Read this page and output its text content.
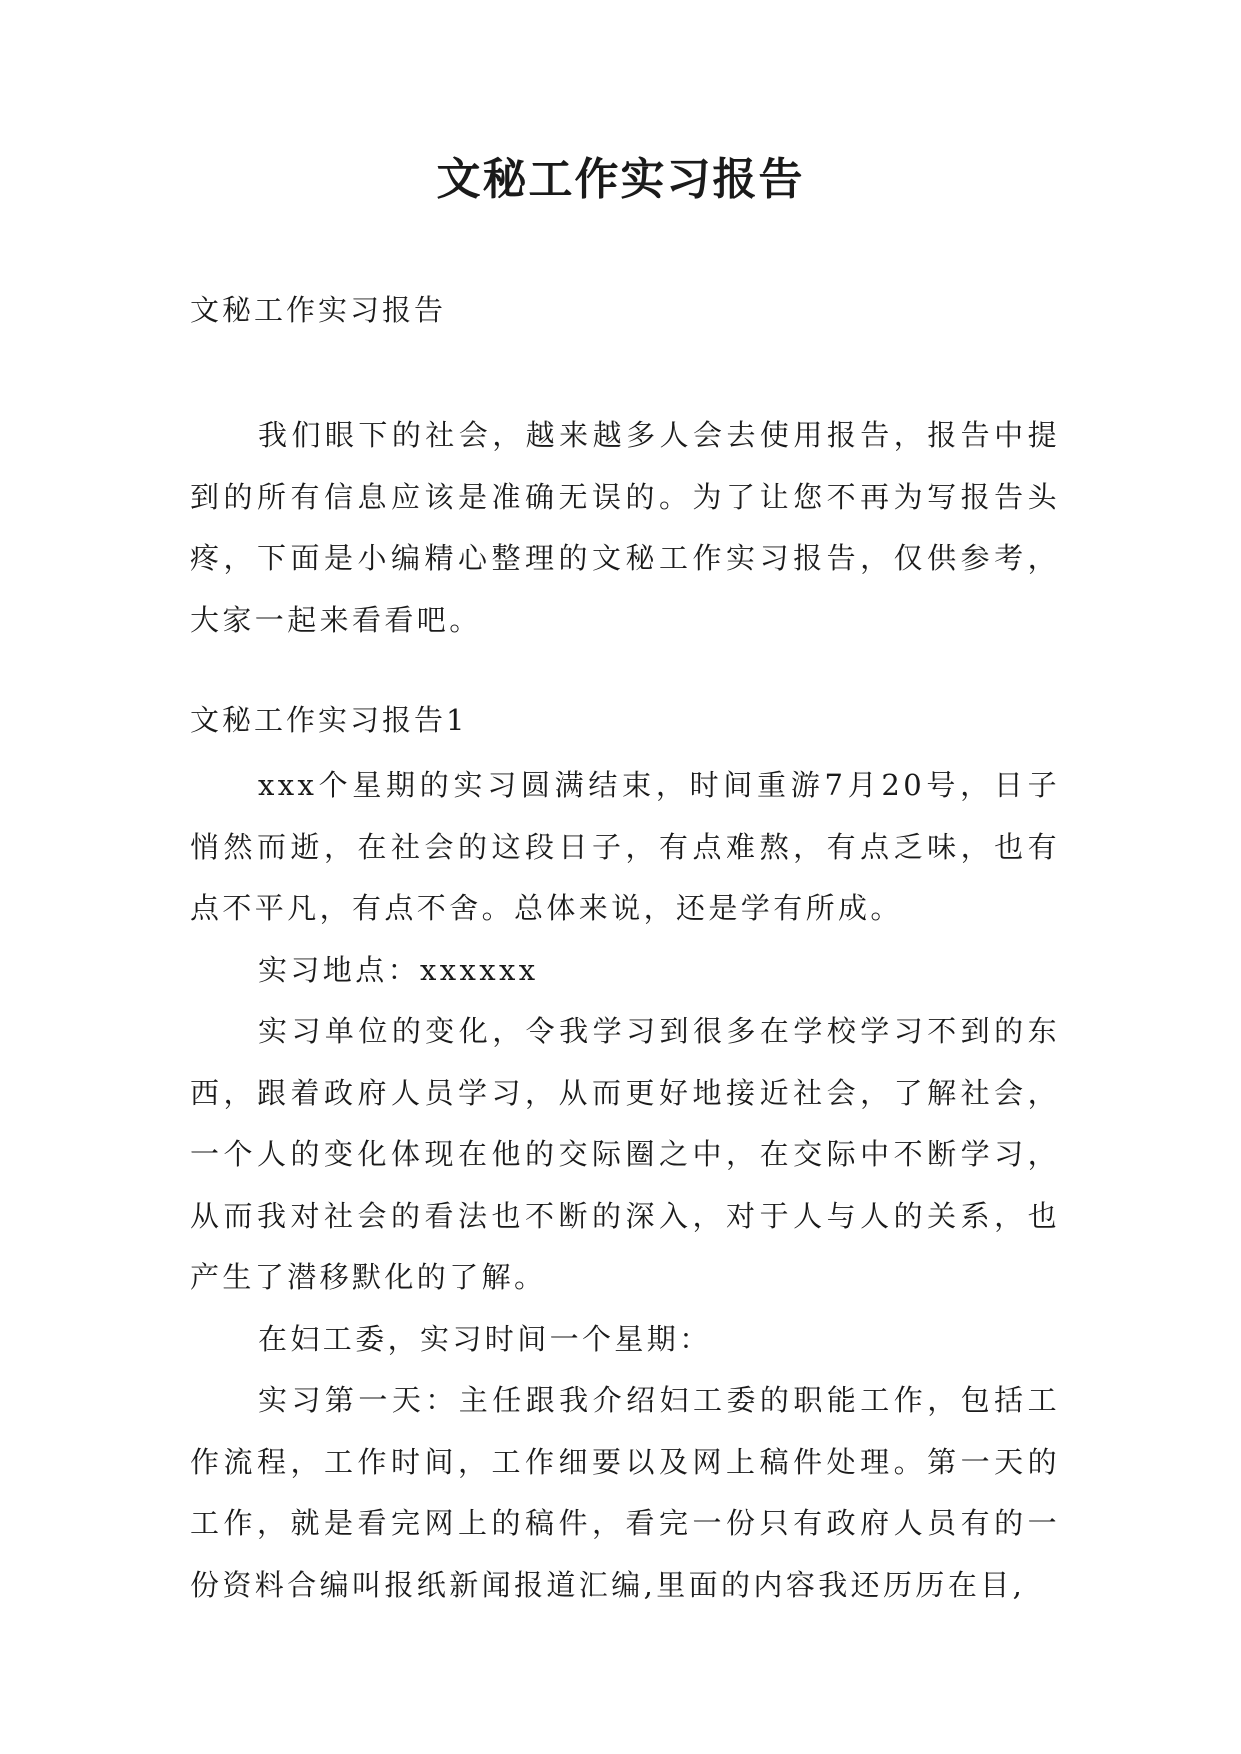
文秘工作实习报告
文秘工作实习报告

我们眼下的社会，越来越多人会去使用报告，报告中提到的所有信息应该是准确无误的。为了让您不再为写报告头疼，下面是小编精心整理的文秘工作实习报告，仅供参考，大家一起来看看吧。

文秘工作实习报告1

xxx个星期的实习圆满结束，时间重游7月20号，日子悄然而逝，在社会的这段日子，有点难熬，有点乏味，也有点不平凡，有点不舍。总体来说，还是学有所成。

实习地点：xxxxxx

实习单位的变化，令我学习到很多在学校学习不到的东西，跟着政府人员学习，从而更好地接近社会，了解社会，一个人的变化体现在他的交际圈之中，在交际中不断学习，从而我对社会的看法也不断的深入，对于人与人的关系，也产生了潜移默化的了解。

在妇工委，实习时间一个星期：

实习第一天：主任跟我介绍妇工委的职能工作，包括工作流程，工作时间，工作细要以及网上稿件处理。第一天的工作，就是看完网上的稿件，看完一份只有政府人员有的一份资料合编叫报纸新闻报道汇编,里面的内容我还历历在目,
